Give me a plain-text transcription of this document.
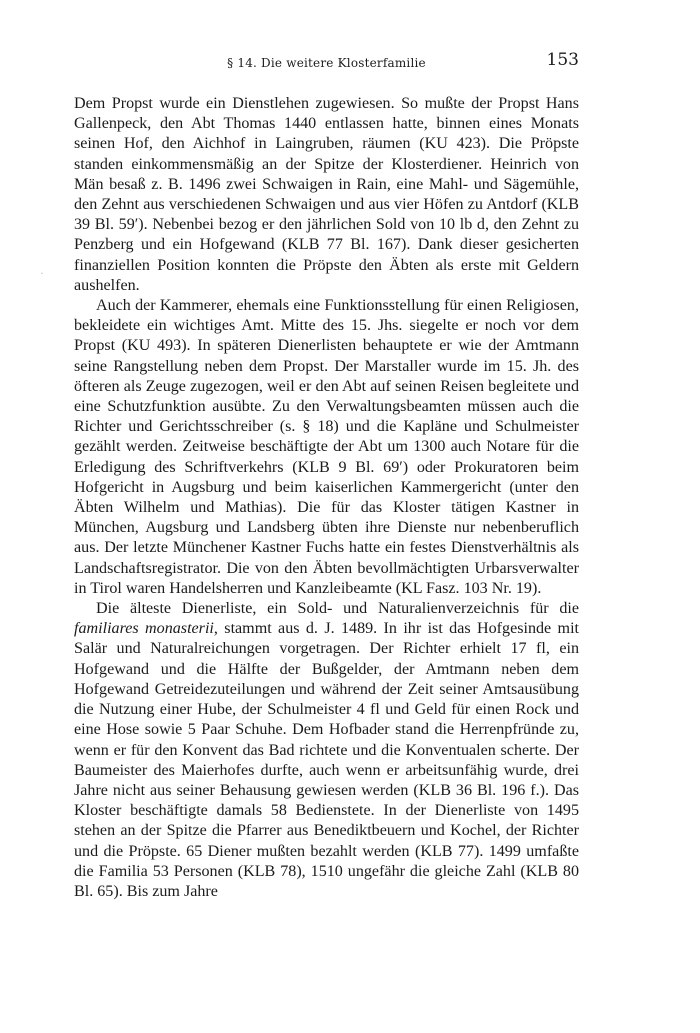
·
§ 14. Die weitere Klosterfamilie	153

Dem Propst wurde ein Dienstlehen zugewiesen. So mußte der Propst Hans Gallenpeck, den Abt Thomas 1440 entlassen hatte, binnen eines Monats seinen Hof, den Aichhof in Laingruben, räumen (KU 423). Die Pröpste standen einkommensmäßig an der Spitze der Klosterdiener. Heinrich von Män besaß z. B. 1496 zwei Schwaigen in Rain, eine Mahl- und Sägemühle, den Zehnt aus verschiedenen Schwaigen und aus vier Höfen zu Antdorf (KLB 39 Bl. 59′). Nebenbei bezog er den jährlichen Sold von 10 lb d, den Zehnt zu Penzberg und ein Hofgewand (KLB 77 Bl. 167). Dank dieser gesicherten finanziellen Position konnten die Pröpste den Äbten als erste mit Geldern aushelfen.

Auch der Kammerer, ehemals eine Funktionsstellung für einen Religiosen, bekleidete ein wichtiges Amt. Mitte des 15. Jhs. siegelte er noch vor dem Propst (KU 493). In späteren Dienerlisten behauptete er wie der Amtmann seine Rangstellung neben dem Propst. Der Marstaller wurde im 15. Jh. des öfteren als Zeuge zugezogen, weil er den Abt auf seinen Reisen begleitete und eine Schutzfunktion ausübte. Zu den Verwaltungsbeamten müssen auch die Richter und Gerichtsschreiber (s. § 18) und die Kapläne und Schulmeister gezählt werden. Zeitweise beschäftigte der Abt um 1300 auch Notare für die Erledigung des Schriftverkehrs (KLB 9 Bl. 69′) oder Prokuratoren beim Hofgericht in Augsburg und beim kaiserlichen Kammergericht (unter den Äbten Wilhelm und Mathias). Die für das Kloster tätigen Kastner in München, Augsburg und Landsberg übten ihre Dienste nur nebenberuflich aus. Der letzte Münchener Kastner Fuchs hatte ein festes Dienstverhältnis als Landschaftsregistrator. Die von den Äbten bevollmächtigten Urbarsverwalter in Tirol waren Handelsherren und Kanzleibeamte (KL Fasz. 103 Nr. 19).

Die älteste Dienerliste, ein Sold- und Naturalienverzeichnis für die familiares monasterii, stammt aus d. J. 1489. In ihr ist das Hofgesinde mit Salär und Naturalreichungen vorgetragen. Der Richter erhielt 17 fl, ein Hofgewand und die Hälfte der Bußgelder, der Amtmann neben dem Hofgewand Getreidezuteilungen und während der Zeit seiner Amtsausübung die Nutzung einer Hube, der Schulmeister 4 fl und Geld für einen Rock und eine Hose sowie 5 Paar Schuhe. Dem Hofbader stand die Herrenpfründe zu, wenn er für den Konvent das Bad richtete und die Konventualen scherte. Der Baumeister des Maierhofes durfte, auch wenn er arbeitsunfähig wurde, drei Jahre nicht aus seiner Behausung gewiesen werden (KLB 36 Bl. 196 f.). Das Kloster beschäftigte damals 58 Bedienstete. In der Dienerliste von 1495 stehen an der Spitze die Pfarrer aus Benediktbeuern und Kochel, der Richter und die Pröpste. 65 Diener mußten bezahlt werden (KLB 77). 1499 umfaßte die Familia 53 Personen (KLB 78), 1510 ungefähr die gleiche Zahl (KLB 80 Bl. 65). Bis zum Jahre
